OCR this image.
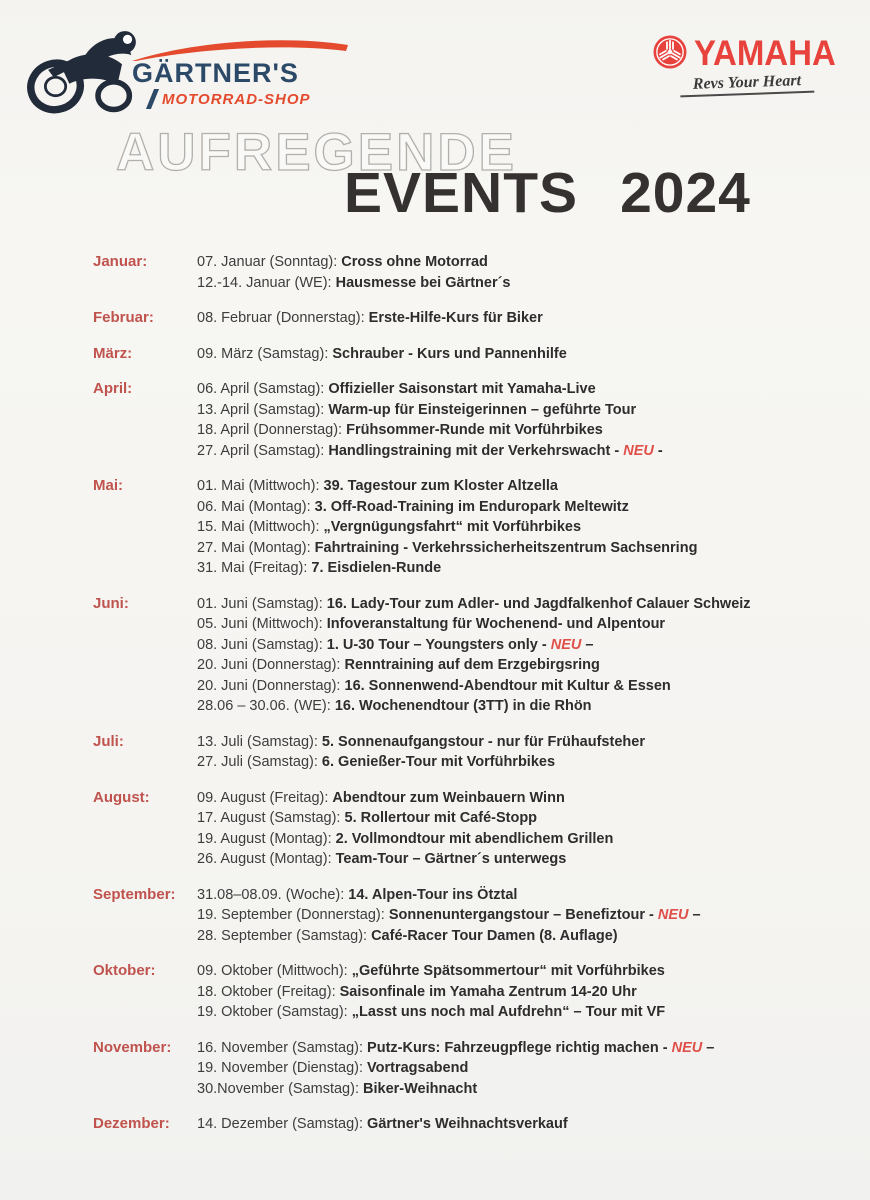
GÄRTNER'S
MOTORRAD-SHOP
YAMAHA
Revs Your Heart
AUFREGENDE
EVENTS 2024
Januar:	07. Januar (Sonntag): Cross ohne Motorrad
12.-14. Januar (WE): Hausmesse bei Gärtner´s
Februar:	08. Februar (Donnerstag): Erste-Hilfe-Kurs für Biker
März:	09. März (Samstag): Schrauber - Kurs und Pannenhilfe
April:	06. April (Samstag): Offizieller Saisonstart mit Yamaha-Live
13. April (Samstag): Warm-up für Einsteigerinnen – geführte Tour
18. April (Donnerstag): Frühsommer-Runde mit Vorführbikes
27. April (Samstag): Handlingstraining mit der Verkehrswacht - NEU -
Mai:	01. Mai (Mittwoch): 39. Tagestour zum Kloster Altzella
06. Mai (Montag): 3. Off-Road-Training im Enduropark Meltewitz
15. Mai (Mittwoch): „Vergnügungsfahrt“ mit Vorführbikes
27. Mai (Montag): Fahrtraining - Verkehrssicherheitszentrum Sachsenring
31. Mai (Freitag): 7. Eisdielen-Runde
Juni:	01. Juni (Samstag): 16. Lady-Tour zum Adler- und Jagdfalkenhof Calauer Schweiz
05. Juni (Mittwoch): Infoveranstaltung für Wochenend- und Alpentour
08. Juni (Samstag): 1. U-30 Tour – Youngsters only - NEU –
20. Juni (Donnerstag): Renntraining auf dem Erzgebirgsring
20. Juni (Donnerstag): 16. Sonnenwend-Abendtour mit Kultur & Essen
28.06 – 30.06. (WE): 16. Wochenendtour (3TT) in die Rhön
Juli:	13. Juli (Samstag): 5. Sonnenaufgangstour - nur für Frühaufsteher
27. Juli (Samstag): 6. Genießer-Tour mit Vorführbikes
August:	09. August (Freitag): Abendtour zum Weinbauern Winn
17. August (Samstag): 5. Rollertour mit Café-Stopp
19. August (Montag): 2. Vollmondtour mit abendlichem Grillen
26. August (Montag): Team-Tour – Gärtner´s unterwegs
September:	31.08–08.09. (Woche): 14. Alpen-Tour ins Ötztal
19. September (Donnerstag): Sonnenuntergangstour – Benefiztour - NEU –
28. September (Samstag): Café-Racer Tour Damen (8. Auflage)
Oktober:	09. Oktober (Mittwoch): „Geführte Spätsommertour“ mit Vorführbikes
18. Oktober (Freitag): Saisonfinale im Yamaha Zentrum 14-20 Uhr
19. Oktober (Samstag): „Lasst uns noch mal Aufdrehn“ – Tour mit VF
November:	16. November (Samstag): Putz-Kurs: Fahrzeugpflege richtig machen - NEU –
19. November (Dienstag): Vortragsabend
30.November (Samstag): Biker-Weihnacht
Dezember:	14. Dezember (Samstag): Gärtner's Weihnachtsverkauf
